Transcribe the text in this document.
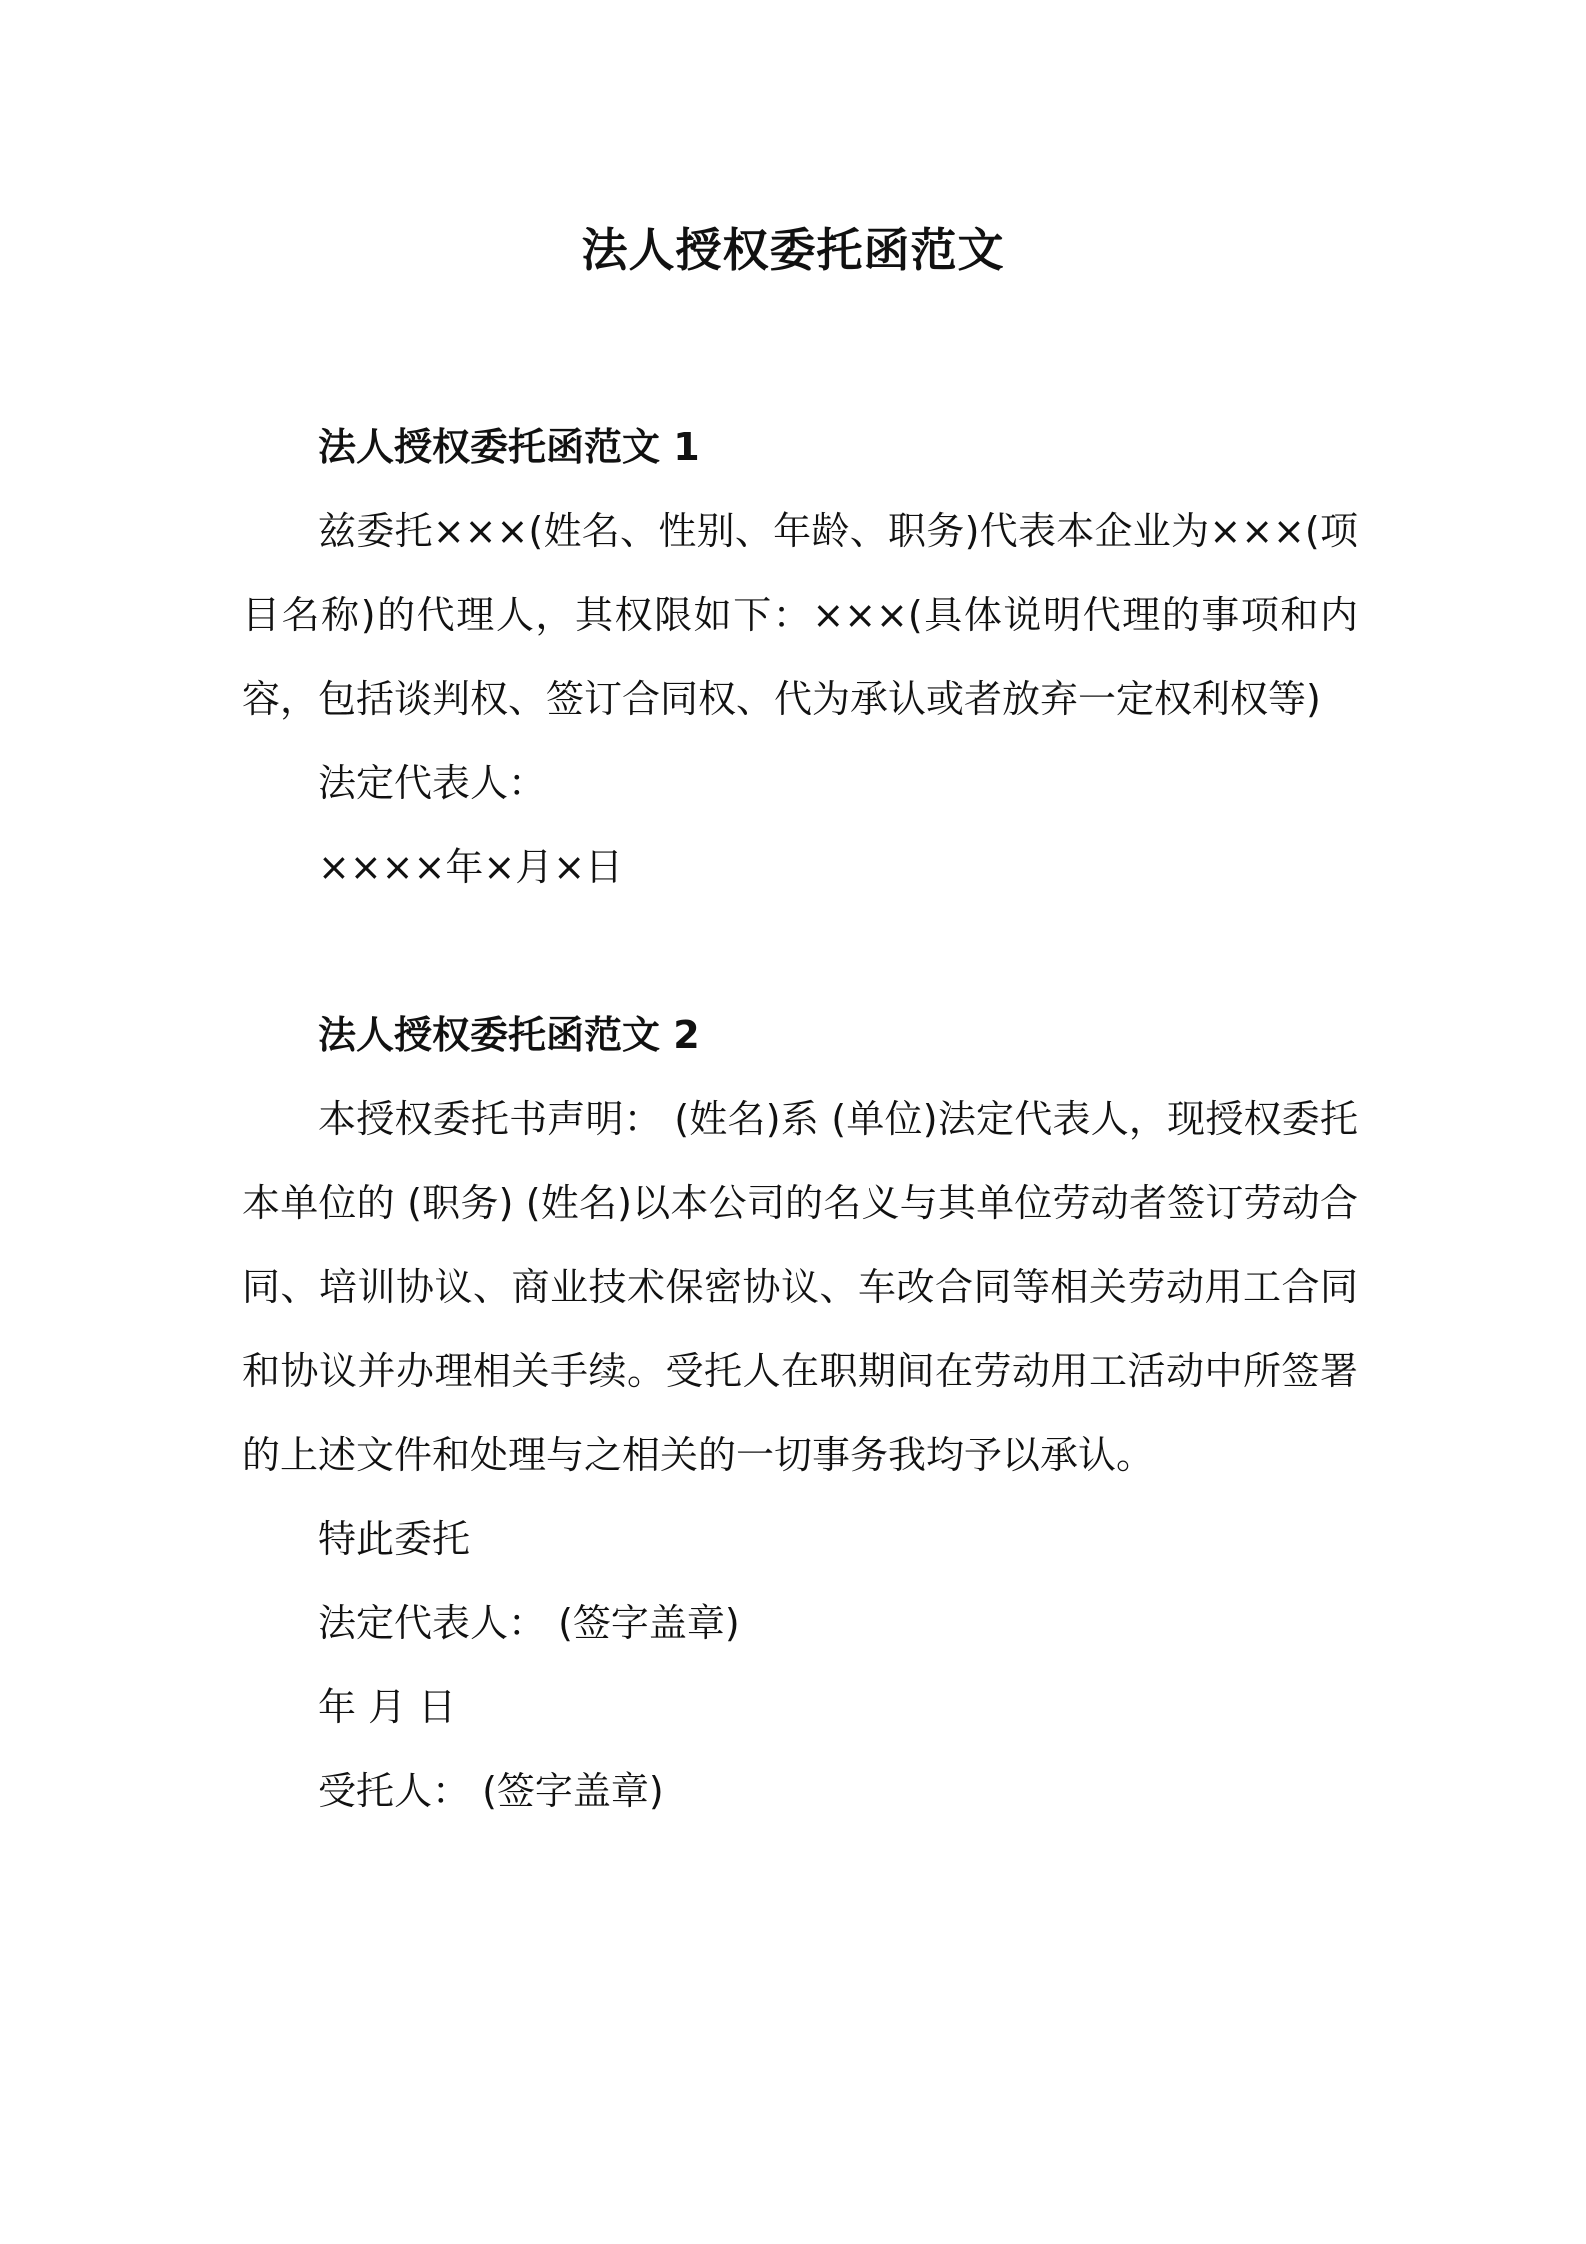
法人授权委托函范文
法人授权委托函范文 1

兹委托×××(姓名、性别、年龄、职务)代表本企业为×××(项目名称)的代理人，其权限如下：×××(具体说明代理的事项和内容，包括谈判权、签订合同权、代为承认或者放弃一定权利权等)

法定代表人：

××××年×月×日

法人授权委托函范文 2

本授权委托书声明： (姓名)系 (单位)法定代表人，现授权委托本单位的 (职务) (姓名)以本公司的名义与其单位劳动者签订劳动合同、培训协议、商业技术保密协议、车改合同等相关劳动用工合同和协议并办理相关手续。受托人在职期间在劳动用工活动中所签署的上述文件和处理与之相关的一切事务我均予以承认。

特此委托

法定代表人： (签字盖章)

年 月 日

受托人： (签字盖章)
